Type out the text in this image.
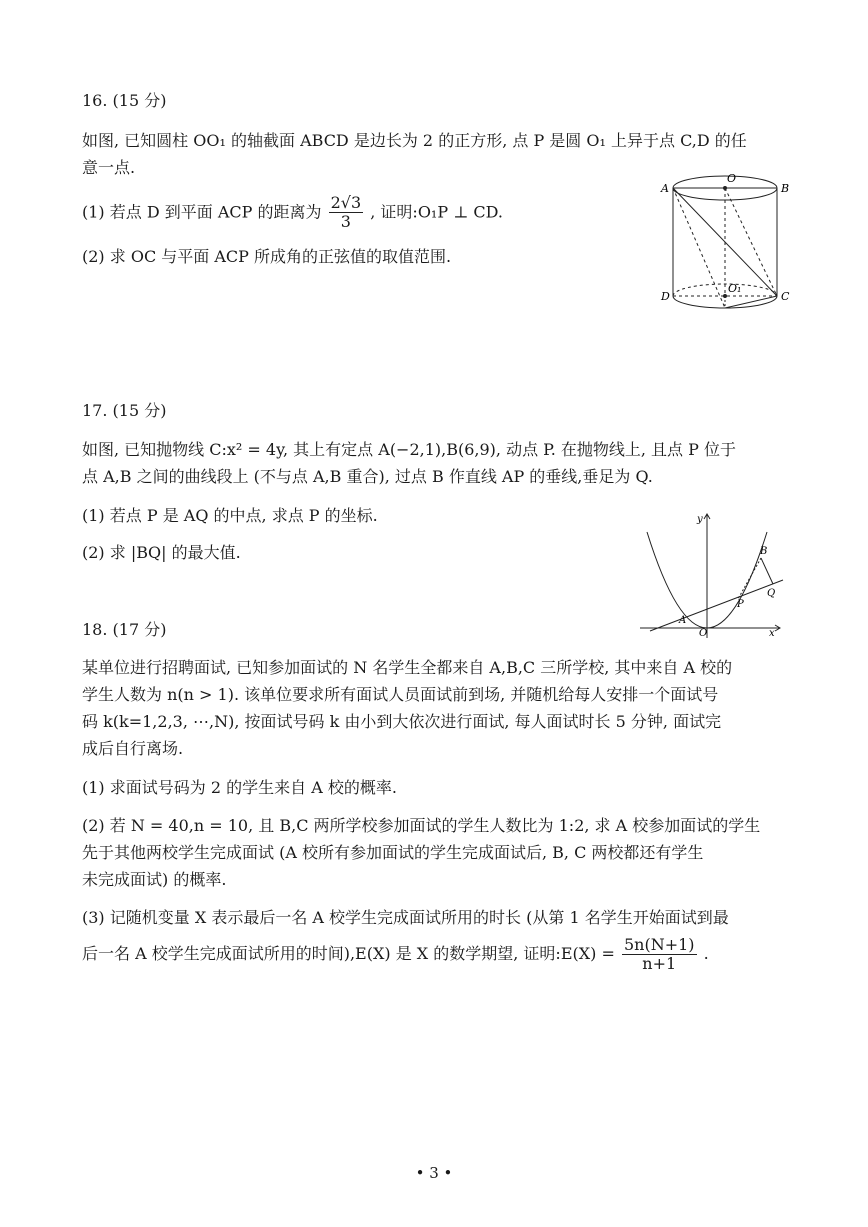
16. (15 分)
如图, 已知圆柱 OO₁ 的轴截面 ABCD 是边长为 2 的正方形, 点 P 是圆 O₁ 上异于点 C,D 的任
意一点.
(1) 若点 D 到平面 ACP 的距离为 $\frac{2√3}{3}$ , 证明:O₁P ⊥ CD.
(2) 求 OC 与平面 ACP 所成角的正弦值的取值范围.
A	B
O
D	C
O₁
17. (15 分)
如图, 已知抛物线 C:x² = 4y, 其上有定点 A(−2,1),B(6,9), 动点 P. 在抛物线上, 且点 P 位于
点 A,B 之间的曲线段上 (不与点 A,B 重合), 过点 B 作直线 AP 的垂线,垂足为 Q.
(1) 若点 P 是 AQ 的中点, 求点 P 的坐标.
(2) 求 |BQ| 的最大值.
y
x
O
A
P
B
Q
18. (17 分)
某单位进行招聘面试, 已知参加面试的 N 名学生全都来自 A,B,C 三所学校, 其中来自 A 校的
学生人数为 n(n > 1). 该单位要求所有面试人员面试前到场, 并随机给每人安排一个面试号
码 k(k=1,2,3, ⋯,N), 按面试号码 k 由小到大依次进行面试, 每人面试时长 5 分钟, 面试完
成后自行离场.
(1) 求面试号码为 2 的学生来自 A 校的概率.
(2) 若 N = 40,n = 10, 且 B,C 两所学校参加面试的学生人数比为 1:2, 求 A 校参加面试的学生
先于其他两校学生完成面试 (A 校所有参加面试的学生完成面试后, B, C 两校都还有学生
未完成面试) 的概率.
(3) 记随机变量 X 表示最后一名 A 校学生完成面试所用的时长 (从第 1 名学生开始面试到最
后一名 A 校学生完成面试所用的时间),E(X) 是 X 的数学期望, 证明:E(X) = $\frac{5n(N+1)}{n+1}$ .
• 3 •
